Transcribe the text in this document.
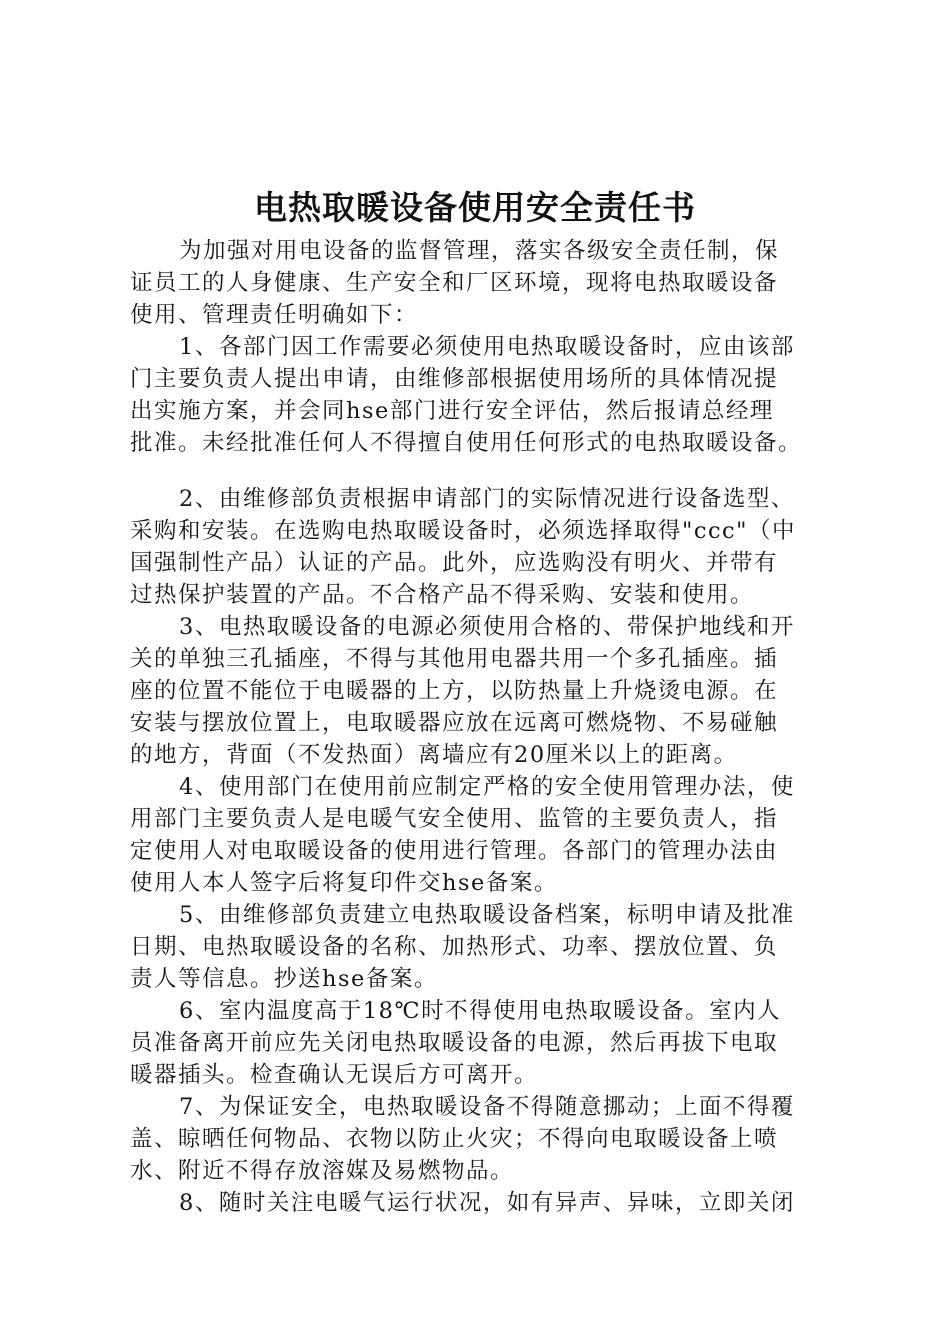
电热取暖设备使用安全责任书
为加强对用电设备的监督管理，落实各级安全责任制，保
证员工的人身健康、生产安全和厂区环境，现将电热取暖设备
使用、管理责任明确如下：
1、各部门因工作需要必须使用电热取暖设备时，应由该部
门主要负责人提出申请，由维修部根据使用场所的具体情况提
出实施方案，并会同hse部门进行安全评估，然后报请总经理
批准。未经批准任何人不得擅自使用任何形式的电热取暖设备。
2、由维修部负责根据申请部门的实际情况进行设备选型、
采购和安装。在选购电热取暖设备时，必须选择取得"ccc"（中
国强制性产品）认证的产品。此外，应选购没有明火、并带有
过热保护装置的产品。不合格产品不得采购、安装和使用。
3、电热取暖设备的电源必须使用合格的、带保护地线和开
关的单独三孔插座，不得与其他用电器共用一个多孔插座。插
座的位置不能位于电暖器的上方，以防热量上升烧烫电源。在
安装与摆放位置上，电取暖器应放在远离可燃烧物、不易碰触
的地方，背面（不发热面）离墙应有20厘米以上的距离。
4、使用部门在使用前应制定严格的安全使用管理办法，使
用部门主要负责人是电暖气安全使用、监管的主要负责人，指
定使用人对电取暖设备的使用进行管理。各部门的管理办法由
使用人本人签字后将复印件交hse备案。
5、由维修部负责建立电热取暖设备档案，标明申请及批准
日期、电热取暖设备的名称、加热形式、功率、摆放位置、负
责人等信息。抄送hse备案。
6、室内温度高于18℃时不得使用电热取暖设备。室内人
员准备离开前应先关闭电热取暖设备的电源，然后再拔下电取
暖器插头。检查确认无误后方可离开。
7、为保证安全，电热取暖设备不得随意挪动；上面不得覆
盖、晾晒任何物品、衣物以防止火灾；不得向电取暖设备上喷
水、附近不得存放溶媒及易燃物品。
8、随时关注电暖气运行状况，如有异声、异味，立即关闭
